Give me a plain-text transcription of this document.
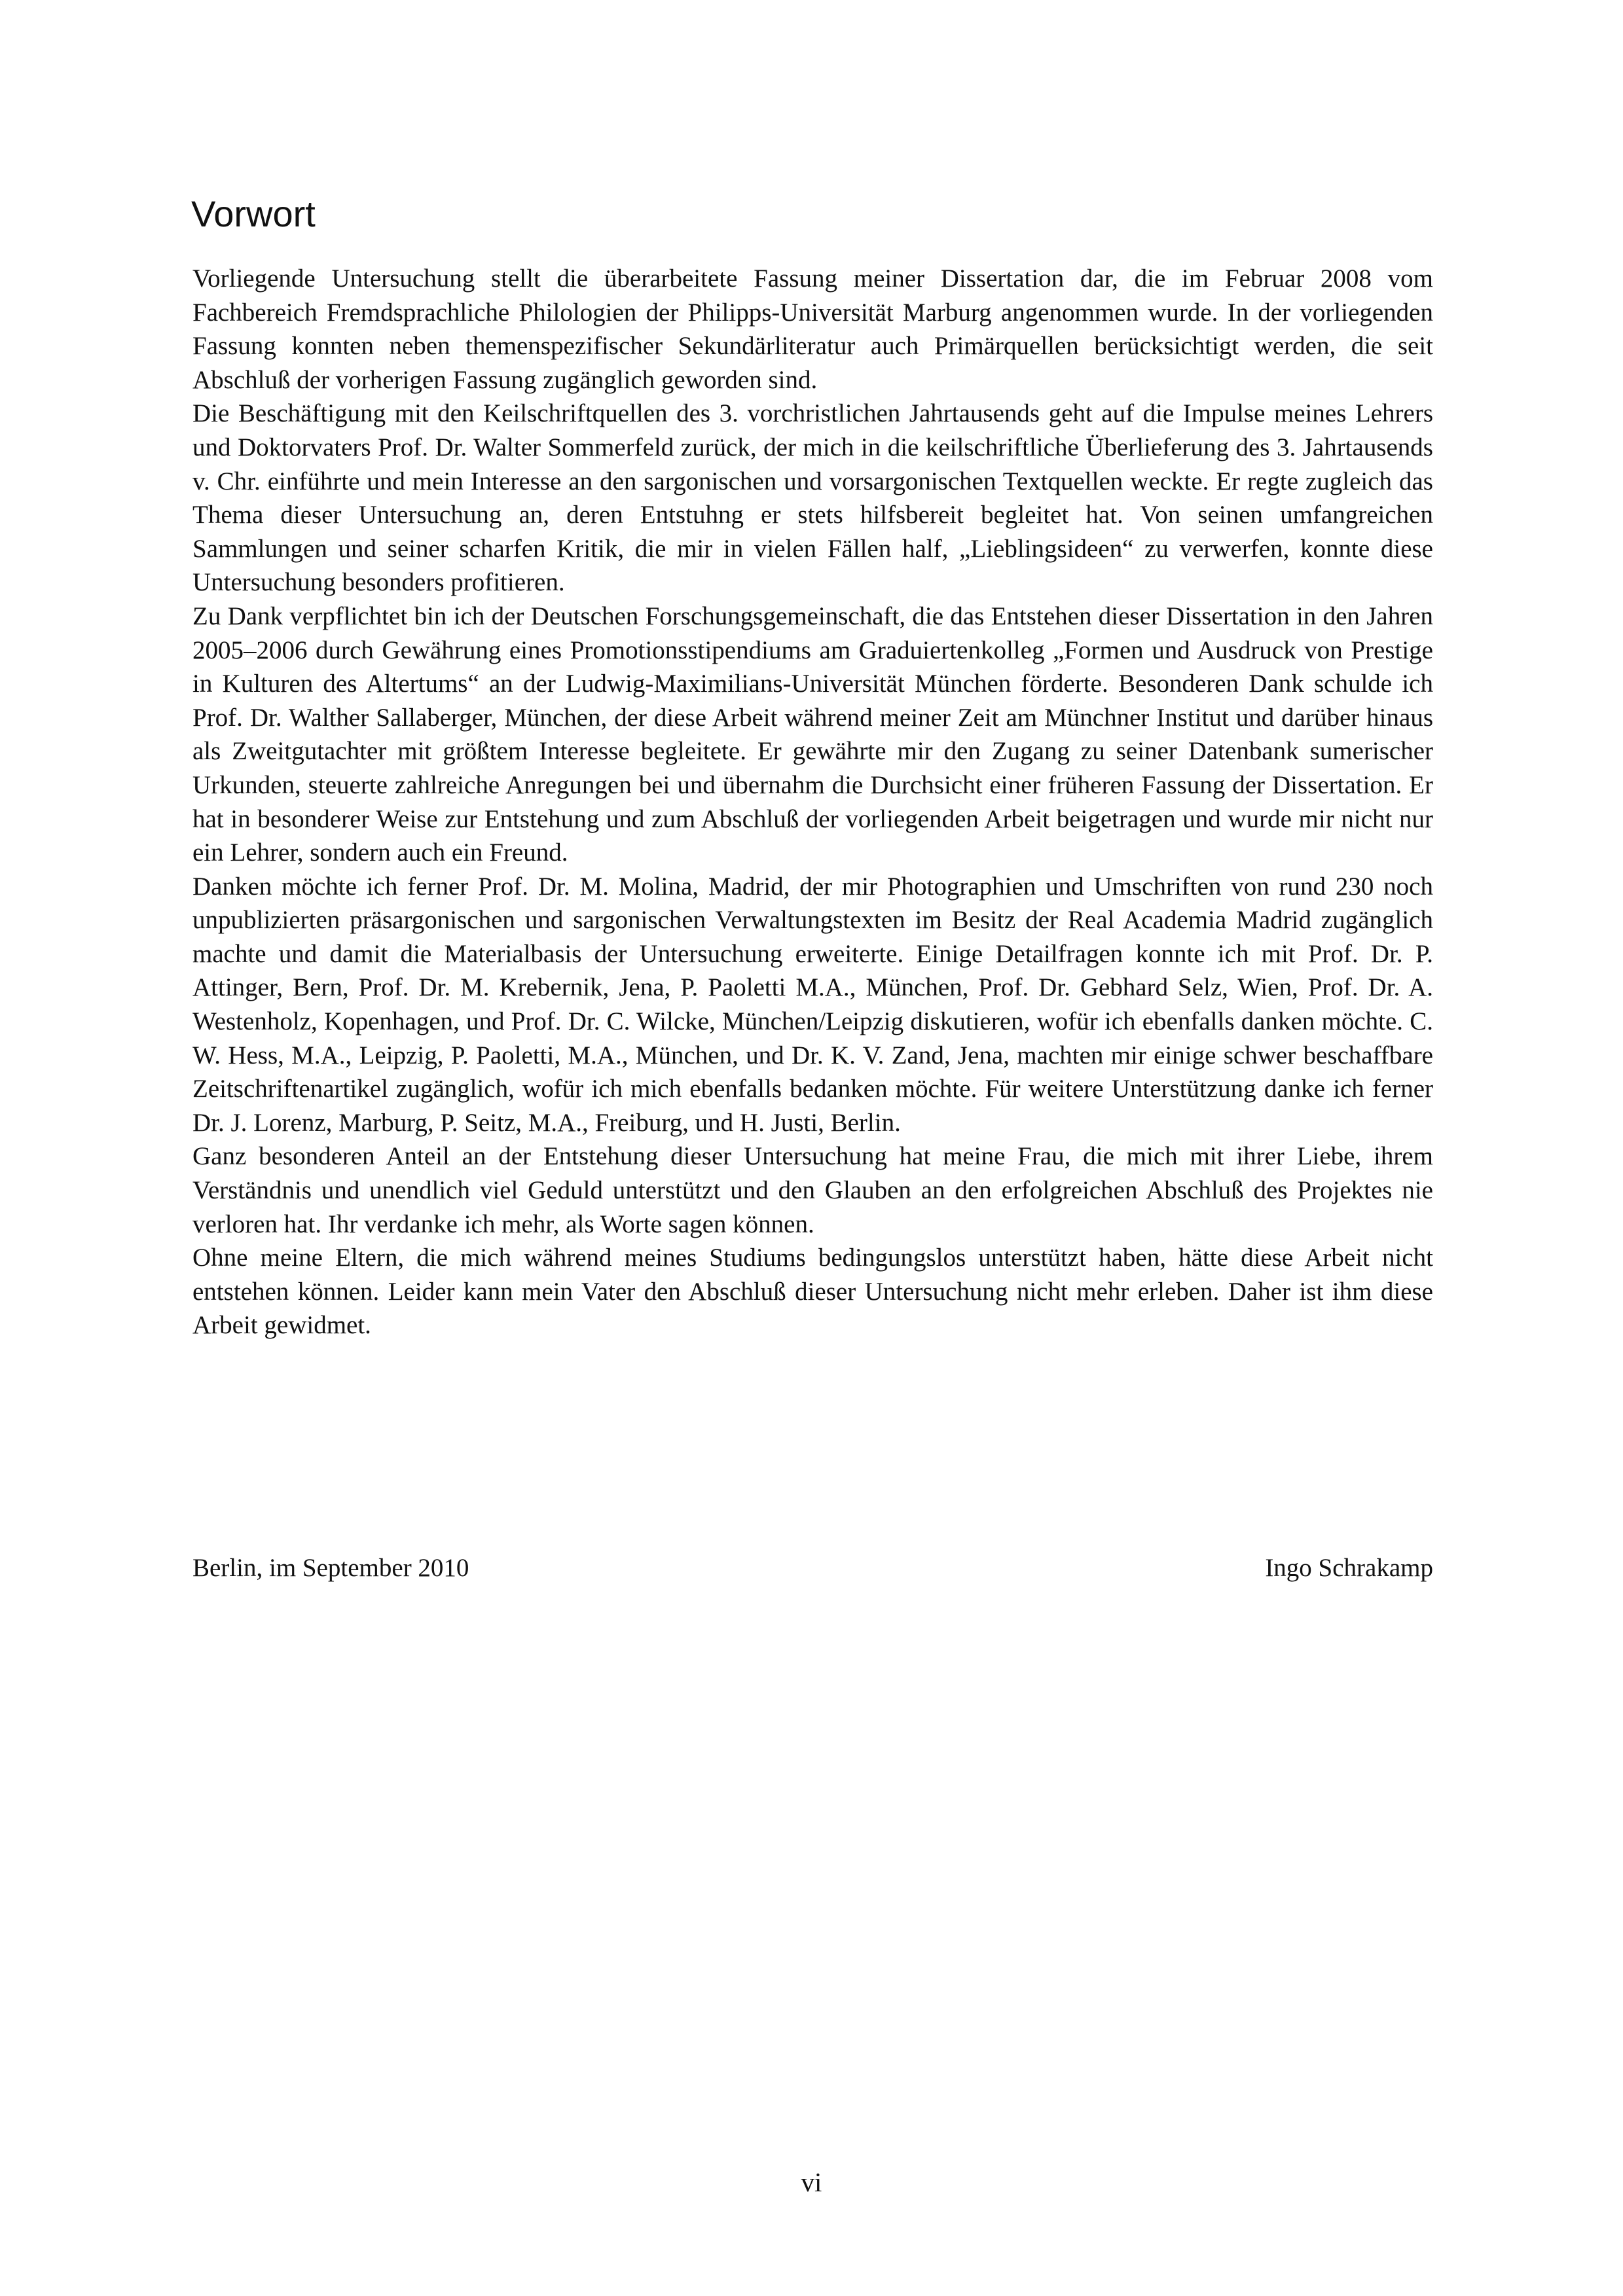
Vorwort

Vorliegende Untersuchung stellt die überarbeitete Fassung meiner Dissertation dar, die im Februar 2008 vom Fachbereich Fremdsprachliche Philologien der Philipps-Universität Marburg angenommen wurde. In der vorliegenden Fassung konnten neben themenspezifischer Sekundärliteratur auch Primärquellen berücksichtigt werden, die seit Abschluß der vorherigen Fassung zugänglich geworden sind.

Die Beschäftigung mit den Keilschriftquellen des 3. vorchristlichen Jahrtausends geht auf die Impulse meines Lehrers und Doktorvaters Prof. Dr. Walter Sommerfeld zurück, der mich in die keilschriftliche Überlieferung des 3. Jahrtausends v. Chr. einführte und mein Interesse an den sargonischen und vorsargonischen Textquellen weckte. Er regte zugleich das Thema dieser Untersuchung an, deren Entstuhng er stets hilfsbereit begleitet hat. Von seinen umfangreichen Sammlungen und seiner scharfen Kritik, die mir in vielen Fällen half, „Lieblingsideen“ zu verwerfen, konnte diese Untersuchung besonders profitieren.

Zu Dank verpflichtet bin ich der Deutschen Forschungsgemeinschaft, die das Entstehen dieser Dissertation in den Jahren 2005–2006 durch Gewährung eines Promotionsstipendiums am Graduiertenkolleg „Formen und Ausdruck von Prestige in Kulturen des Altertums“ an der Ludwig-Maximilians-Universität München förderte. Besonderen Dank schulde ich Prof. Dr. Walther Sallaberger, München, der diese Arbeit während meiner Zeit am Münchner Institut und darüber hinaus als Zweitgutachter mit größtem Interesse begleitete. Er gewährte mir den Zugang zu seiner Datenbank sumerischer Urkunden, steuerte zahlreiche Anregungen bei und übernahm die Durchsicht einer früheren Fassung der Dissertation. Er hat in besonderer Weise zur Entstehung und zum Abschluß der vorliegenden Arbeit beigetragen und wurde mir nicht nur ein Lehrer, sondern auch ein Freund.

Danken möchte ich ferner Prof. Dr. M. Molina, Madrid, der mir Photographien und Umschriften von rund 230 noch unpublizierten präsargonischen und sargonischen Verwaltungstexten im Besitz der Real Academia Madrid zugänglich machte und damit die Materialbasis der Untersuchung erweiterte. Einige Detailfragen konnte ich mit Prof. Dr. P. Attinger, Bern, Prof. Dr. M. Krebernik, Jena, P. Paoletti M.A., München, Prof. Dr. Gebhard Selz, Wien, Prof. Dr. A. Westenholz, Kopenhagen, und Prof. Dr. C. Wilcke, München/Leipzig diskutieren, wofür ich ebenfalls danken möchte. C. W. Hess, M.A., Leipzig, P. Paoletti, M.A., München, und Dr. K. V. Zand, Jena, machten mir einige schwer beschaffbare Zeitschriftenartikel zugänglich, wofür ich mich ebenfalls bedanken möchte. Für weitere Unterstützung danke ich ferner Dr. J. Lorenz, Marburg, P. Seitz, M.A., Freiburg, und H. Justi, Berlin.

Ganz besonderen Anteil an der Entstehung dieser Untersuchung hat meine Frau, die mich mit ihrer Liebe, ihrem Verständnis und unendlich viel Geduld unterstützt und den Glauben an den erfolgreichen Abschluß des Projektes nie verloren hat. Ihr verdanke ich mehr, als Worte sagen können.

Ohne meine Eltern, die mich während meines Studiums bedingungslos unterstützt haben, hätte diese Arbeit nicht entstehen können. Leider kann mein Vater den Abschluß dieser Untersuchung nicht mehr erleben. Daher ist ihm diese Arbeit gewidmet.

Berlin, im September 2010	Ingo Schrakamp
vi
